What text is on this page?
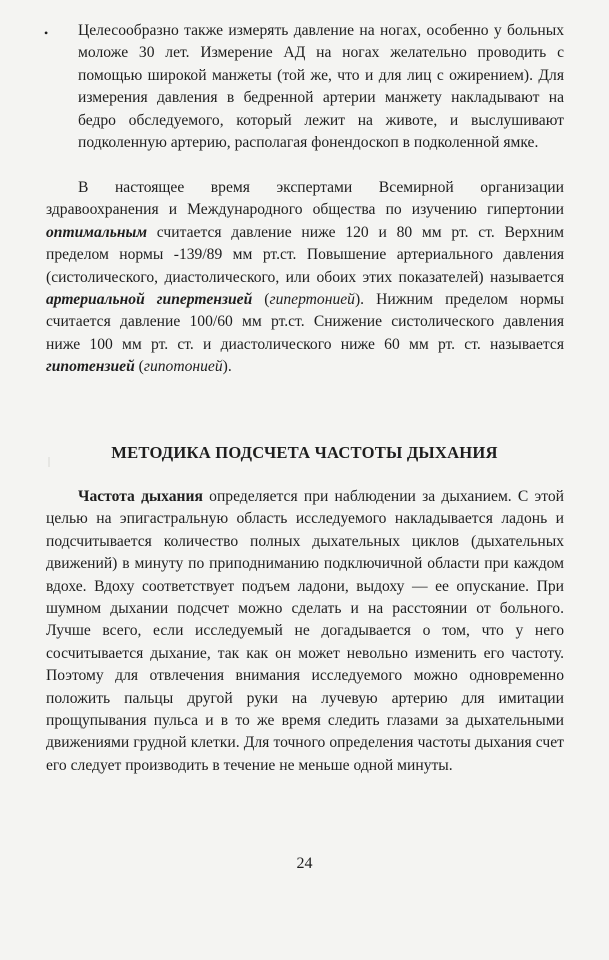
• Целесообразно также измерять давление на ногах, особенно у больных моложе 30 лет. Измерение АД на ногах желательно проводить с помощью широкой манжеты (той же, что и для лиц с ожирением). Для измерения давления в бедренной артерии манжету накладывают на бедро обследуемого, который лежит на животе, и выслушивают подколенную артерию, располагая фонендоскоп в подколенной ямке.

В настоящее время экспертами Всемирной организации здравоохранения и Международного общества по изучению гипертонии оптимальным считается давление ниже 120 и 80 мм рт. ст. Верхним пределом нормы -139/89 мм рт.ст. Повышение артериального давления (систолического, диастолического, или обоих этих показателей) называется артериальной гипертензией (гипертонией). Нижним пределом нормы считается давление 100/60 мм рт.ст. Снижение систолического давления ниже 100 мм рт. ст. и диастолического ниже 60 мм рт. ст. называется гипотензией (гипотонией).

МЕТОДИКА ПОДСЧЕТА ЧАСТОТЫ ДЫХАНИЯ

Частота дыхания определяется при наблюдении за дыханием. С этой целью на эпигастральную область исследуемого накладывается ладонь и подсчитывается количество полных дыхательных циклов (дыхательных движений) в минуту по приподниманию подключичной области при каждом вдохе. Вдоху соответствует подъем ладони, выдоху — ее опускание. При шумном дыхании подсчет можно сделать и на расстоянии от больного. Лучше всего, если исследуемый не догадывается о том, что у него сосчитывается дыхание, так как он может невольно изменить его частоту. Поэтому для отвлечения внимания исследуемого можно одновременно положить пальцы другой руки на лучевую артерию для имитации прощупывания пульса и в то же время следить глазами за дыхательными движениями грудной клетки. Для точного определения частоты дыхания счет его следует производить в течение не меньше одной минуты.

24
